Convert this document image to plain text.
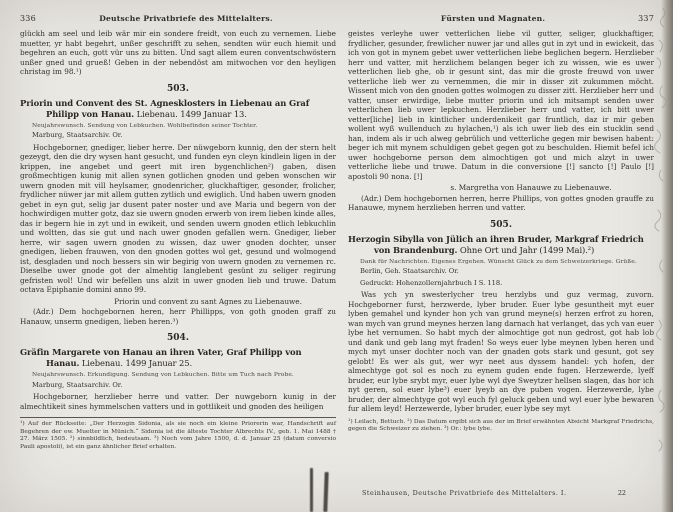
336	Deutsche Privatbriefe des Mittelalters.

glückh am seel und leib wär mir ein sondere freidt, von euch zu vernemen. Liebe muetter, yr habt begehrt, unßer geschrifft zu sehen, sendten wür euch hiemit und begehren an euch, gott vür uns zu bitten. Und sagt allem euren conventschwöstern unßer gned und grueß! Geben in der nebendöst am mitwochen vor den heyligen christag im 98.¹)

503.
Priorin und Convent des St. Agnesklosters in Liebenau an Graf Philipp von Hanau. Liebenau. 1499 Januar 13.
Neujahrswunsch. Sendung von Lebkuchen. Wohlbefinden seiner Tochter.
Marburg, Staatsarchiv. Or.

Hochgeborner, gnediger, lieber herre. Der nüwgeborn kunnig, den der stern helt gezeygt, den die dry wysen hant gesucht, und funden eyn cleyn kindlein ligen in der krippen, ine angebet und geert mit iren bygenchlichen²) gaben, disen großmechtigen kunig mit allen synen gotlichen gnoden und geben wonschen wir uwern gnoden mit vill heylsamer, gnodenricher, gluckhaftiger, gesonder, frolicher, frydlicher nüwer jar mit allem gutten zytlich und ewiglich. Und haben uwern gnoden gebet in eyn gut, selig jar dusent pater noster und ave Maria und begern von der hochwirdigen mutter gotz, daz sie uwern gnoden erwerb von irem lieben kinde alles, das ir begern hie in zyt und in ewikeit, und senden uwern gnoden etlich lebkuchlin und woltten, das sie gut und nach uwer gnoden gefallen wern. Gnediger, lieber herre, wir sagen uwern gnoden zu wissen, daz uwer gnoden dochter, unser gnedigen, lieben frauwen, von den gnoden gottes wol get, gesund und wolmogend ist, desgladen und noch bessers sin wir begirig von uwern gnoden zu vernemen rc. Dieselbe uwer gnode got der almehtig langlebent gesünt zu seliger regirung gefristen wol! Und wir befellen uns alzit in uwer gnoden lieb und truwe. Datum octava Epiphanie domini anno 99.

Priorin und convent zu sant Agnes zu Liebenauwe.

(Adr.) Dem hochgebornen heren, herr Phillipps, von goth gnoden graff zu Hanauw, unserm gnedigen, lieben heren.³)

504.
Gräfin Margarete von Hanau an ihren Vater, Graf Philipp von Hanau. Liebenau. 1499 Januar 25.
Neujahrswunsch. Erkundigung. Sendung von Lebkuchen. Bitte um Tuch nach Probe.
Marburg, Staatsarchiv. Or.

Hochgeborner, herzlieber herre und vatter. Der nuwgeborn kunig in der almechtikeit sines hymmelschen vatters und in gottlikeit und gnoden des heiligen

¹) Auf der Rückseite: „Der Herzogin Sidonia, als sie noch ein kleine Priorerin war, Handschrift auf Begehren der ew. Muetter in Münich.“ Sidonia ist die älteste Tochter Albrechts IV., geb. 1. Mai 1488 † 27. März 1505. ²) sinnbildlich, bedeutsam. ³) Noch vom Jahre 1500, d. d. Januar 25 (datum conversio Pauli apostoli), ist ein ganz ähnlicher Brief erhalten.

Fürsten und Magnaten.	337

geistes verleyhe uwer vetterlichen liebe vil gutter, seliger, gluckhaftiger, frydlicher, gesunder, frewlicher nuwer jar und alles gut in zyt und in ewickeit, das ich von got in mynem gebet uwer vetterlichen liebe beglichen begern. Herzlieber herr und vatter, mit herzlichem belangen beger ich zu wissen, wie es uwer vetterlichen lieb ghe, ob ir gesunt sint, das mir die groste freuwd von uwer vetterliche lieb wer zu vernemmen, die mir in disser zit zukummen möcht. Wissent mich von den gnoden gottes wolmogen zu disser zitt. Herzlieber herr und vatter, unser erwirdige, liebe mutter priorin und ich mitsampt senden uwer vetterlichen lieb uwer lepkuchen. Herzlieber herr und vatter, ich bitt uwer vetter[liche] lieb in kintlicher underdenikeit gar fruntlich, daz ir mir geben wollent wyß wullenduch zu hylachen,¹) als ich uwer lieb des ein stucklin send han, indem als ir uch alweg gebrülich und vetterliche gegen mir bewisen habent: beger ich mit mynem schuldigen gebet gegen got zu beschulden. Hiemit befel ich uwer hochgeborne person dem almochtigen got und mich alzyt in uwer vetterliche liebe und truwe. Datum in die conversione [!] sancto [!] Paulo [!] apostoli 90 nona. [!]

s. Margretha von Hanauwe zu Liebenauwe.

(Adr.) Dem hochgebornen herren, herre Phillips, von gottes gnoden grauffe zu Hanauwe, mynem herzlieben herren und vatter.

505.
Herzogin Sibylla von Jülich an ihren Bruder, Markgraf Friedrich von Brandenburg. Ohne Ort und Jahr (1499 Mai).²)
Dank für Nachrichten. Eigenes Ergehen. Wünscht Glück zu dem Schweizerkriege. Grüße.
Berlin, Geh. Staatsarchiv. Or.
Gedruckt: Hohenzollernjahrbuch I S. 118.

Was ych yn swesterlycher treu herzlybs und guz vermag, zuvorn. Hochgeborner furst, herzwerde, lyber bruder. Euer lybe gesuntheit myt euer lyben gemahel und kynder hon ych van grund meyne(s) herzen erfrot zu horen, wan mych van grund meynes herzen lang darnach hat verlanget, das ych van euer lybe het vernumen. So habt mych der almochtige got nun gedrost, got hab lob und dank und geb lang myt fraden! So weys euer lybe meynen lyben heren und mych myt unser dochter noch van der gnaden gots stark und gesunt, got sey gelobt! Es wer als gut, wer wyr neet aus dyssem handel: ych hofen, der almechtyge got sol es noch zu eynem guden ende fugen. Herzewerde, lyeff bruder, eur lybe srybt myr, euer lybe wyl dye Sweytzer hellsen slagen, das hor ich nyt geren, sol euer lybe³) euer lyeyb an dye puben vogen. Herzewerde, lybe bruder, der almechtyge got wyl euch fyl geluck geben und wyl euer lybe bewaren fur allem leyd! Herzewerde, lyber bruder, euer lybe sey myt

¹) Leilach, Bettuch. ²) Das Datum ergibt sich aus der im Brief erwähnten Absicht Markgraf Friedrichs, gegen die Schweizer zu ziehen. ³) Or.: lybe lybe.

Steinhausen, Deutsche Privatbriefe des Mittelalters. I.	22
